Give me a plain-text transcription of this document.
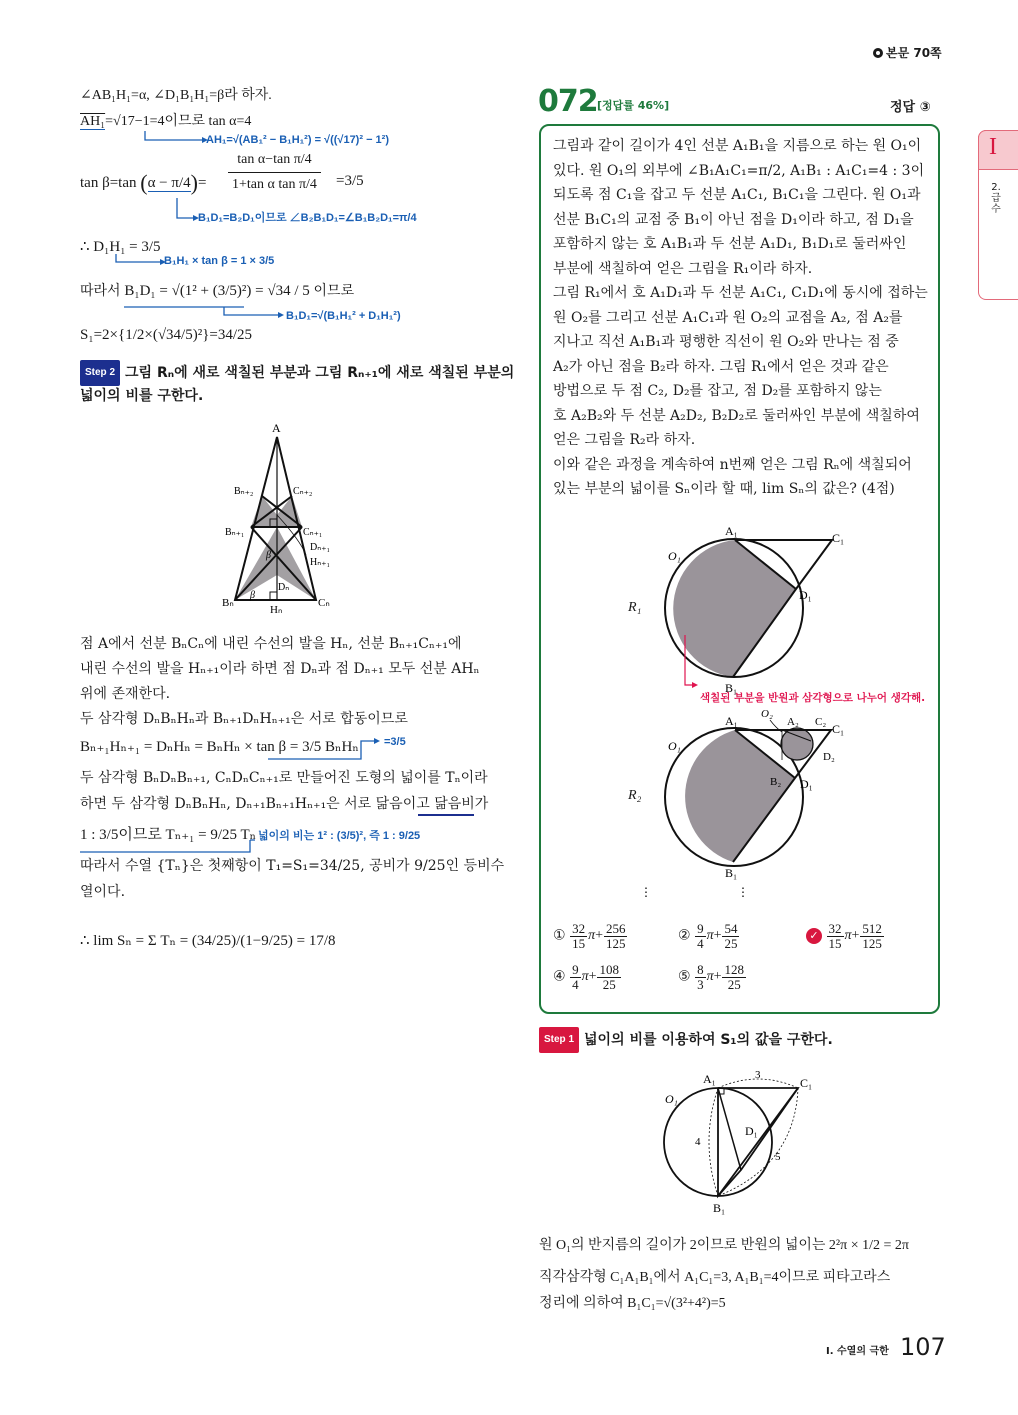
본문 70쪽
I
2.
급
수
∠AB₁H₁=α, ∠D₁B₁H₁=β라 하자.
AH₁=√17−1=4이므로 tan α=4
AH₁=√(AB₁² − B₁H₁²) = √((√17)² − 1²)
tan β=tan (α − π/4)=
tan α−tan π/4
1+tan α tan π/4 =3/5
B₁D₁=B₂D₁이므로 ∠B₂B₁D₁=∠B₁B₂D₁=π/4
∴ D₁H₁ = 3/5
B₁H₁ × tan β = 1 × 3/5
따라서 B₁D₁ = √(1² + (3/5)²) = √34 / 5 이므로
B₁D₁=√(B₁H₁² + D₁H₁²)
S₁=2×{1/2×(√34/5)²}=34/25
Step 2 그림 Rₙ에 새로 색칠된 부분과 그림 Rₙ₊₁에 새로 색칠된 부분의
넓이의 비를 구한다.
A
Bₙ₊₂	Cₙ₊₂
Bₙ₊₁	Cₙ₊₁
Dₙ₊₁
Hₙ₊₁
Dₙ
Bₙ
Hₙ
Cₙ
β
β
점 A에서 선분 BₙCₙ에 내린 수선의 발을 Hₙ, 선분 Bₙ₊₁Cₙ₊₁에
내린 수선의 발을 Hₙ₊₁이라 하면 점 Dₙ과 점 Dₙ₊₁ 모두 선분 AHₙ
위에 존재한다.
두 삼각형 DₙBₙHₙ과 Bₙ₊₁DₙHₙ₊₁은 서로 합동이므로
Bₙ₊₁Hₙ₊₁ = DₙHₙ = BₙHₙ × tan β = 3/5 BₙHₙ =3/5
두 삼각형 BₙDₙBₙ₊₁, CₙDₙCₙ₊₁로 만들어진 도형의 넓이를 Tₙ이라
하면 두 삼각형 DₙBₙHₙ, Dₙ₊₁Bₙ₊₁Hₙ₊₁은 서로 닮음이고 닮음비가
1 : 3/5이므로 Tₙ₊₁ = 9/25 Tₙ 넓이의 비는 1² : (3/5)², 즉 1 : 9/25
따라서 수열 {Tₙ}은 첫째항이 T₁=S₁=34/25, 공비가 9/25인 등비수
열이다.
∴ lim Sₙ = Σ Tₙ = (34/25)/(1−9/25) = 17/8
072 [정답률 46%]	정답 ③
그림과 같이 길이가 4인 선분 A₁B₁을 지름으로 하는 원 O₁이
있다. 원 O₁의 외부에 ∠B₁A₁C₁=π/2, A₁B₁ : A₁C₁=4 : 3이
되도록 점 C₁을 잡고 두 선분 A₁C₁, B₁C₁을 그린다. 원 O₁과
선분 B₁C₁의 교점 중 B₁이 아닌 점을 D₁이라 하고, 점 D₁을
포함하지 않는 호 A₁B₁과 두 선분 A₁D₁, B₁D₁로 둘러싸인
부분에 색칠하여 얻은 그림을 R₁이라 하자.
그림 R₁에서 호 A₁D₁과 두 선분 A₁C₁, C₁D₁에 동시에 접하는
원 O₂를 그리고 선분 A₁C₁과 원 O₂의 교점을 A₂, 점 A₂를
지나고 직선 A₁B₁과 평행한 직선이 원 O₂와 만나는 점 중
A₂가 아닌 점을 B₂라 하자. 그림 R₁에서 얻은 것과 같은
방법으로 두 점 C₂, D₂를 잡고, 점 D₂를 포함하지 않는
호 A₂B₂와 두 선분 A₂D₂, B₂D₂로 둘러싸인 부분에 색칠하여
얻은 그림을 R₂라 하자.
이와 같은 과정을 계속하여 n번째 얻은 그림 Rₙ에 색칠되어
있는 부분의 넓이를 Sₙ이라 할 때, lim Sₙ의 값은? (4점)
R₁
A₁	C₁
D₁
B₁
O₁
색칠된 부분을 반원과 삼각형으로 나누어 생각해.
R₂
A₁ O₂
A₂ C₂ C₁
D₂
B₂ D₁
B₁
O₁
⋮	⋮
① $\frac{32}{15} \pi+ \frac{256}{125}$	② $\frac{9}{4} \pi+ \frac{54}{25}$	✓ $\frac{32}{15} \pi+ \frac{512}{125}$
④ $\frac{9}{4} \pi+ \frac{108}{25}$	⑤ $\frac{8}{3} \pi+ \frac{128}{25}$
Step 1 넓이의 비를 이용하여 S₁의 값을 구한다.
A₁	C₁
D₁
B₁
O₁
3
4
5
원 O₁의 반지름의 길이가 2이므로 반원의 넓이는 2²π × 1/2 = 2π
직각삼각형 C₁A₁B₁에서 A₁C₁=3, A₁B₁=4이므로 피타고라스
정리에 의하여 B₁C₁=√(3²+4²)=5
Ⅰ. 수열의 극한 107
